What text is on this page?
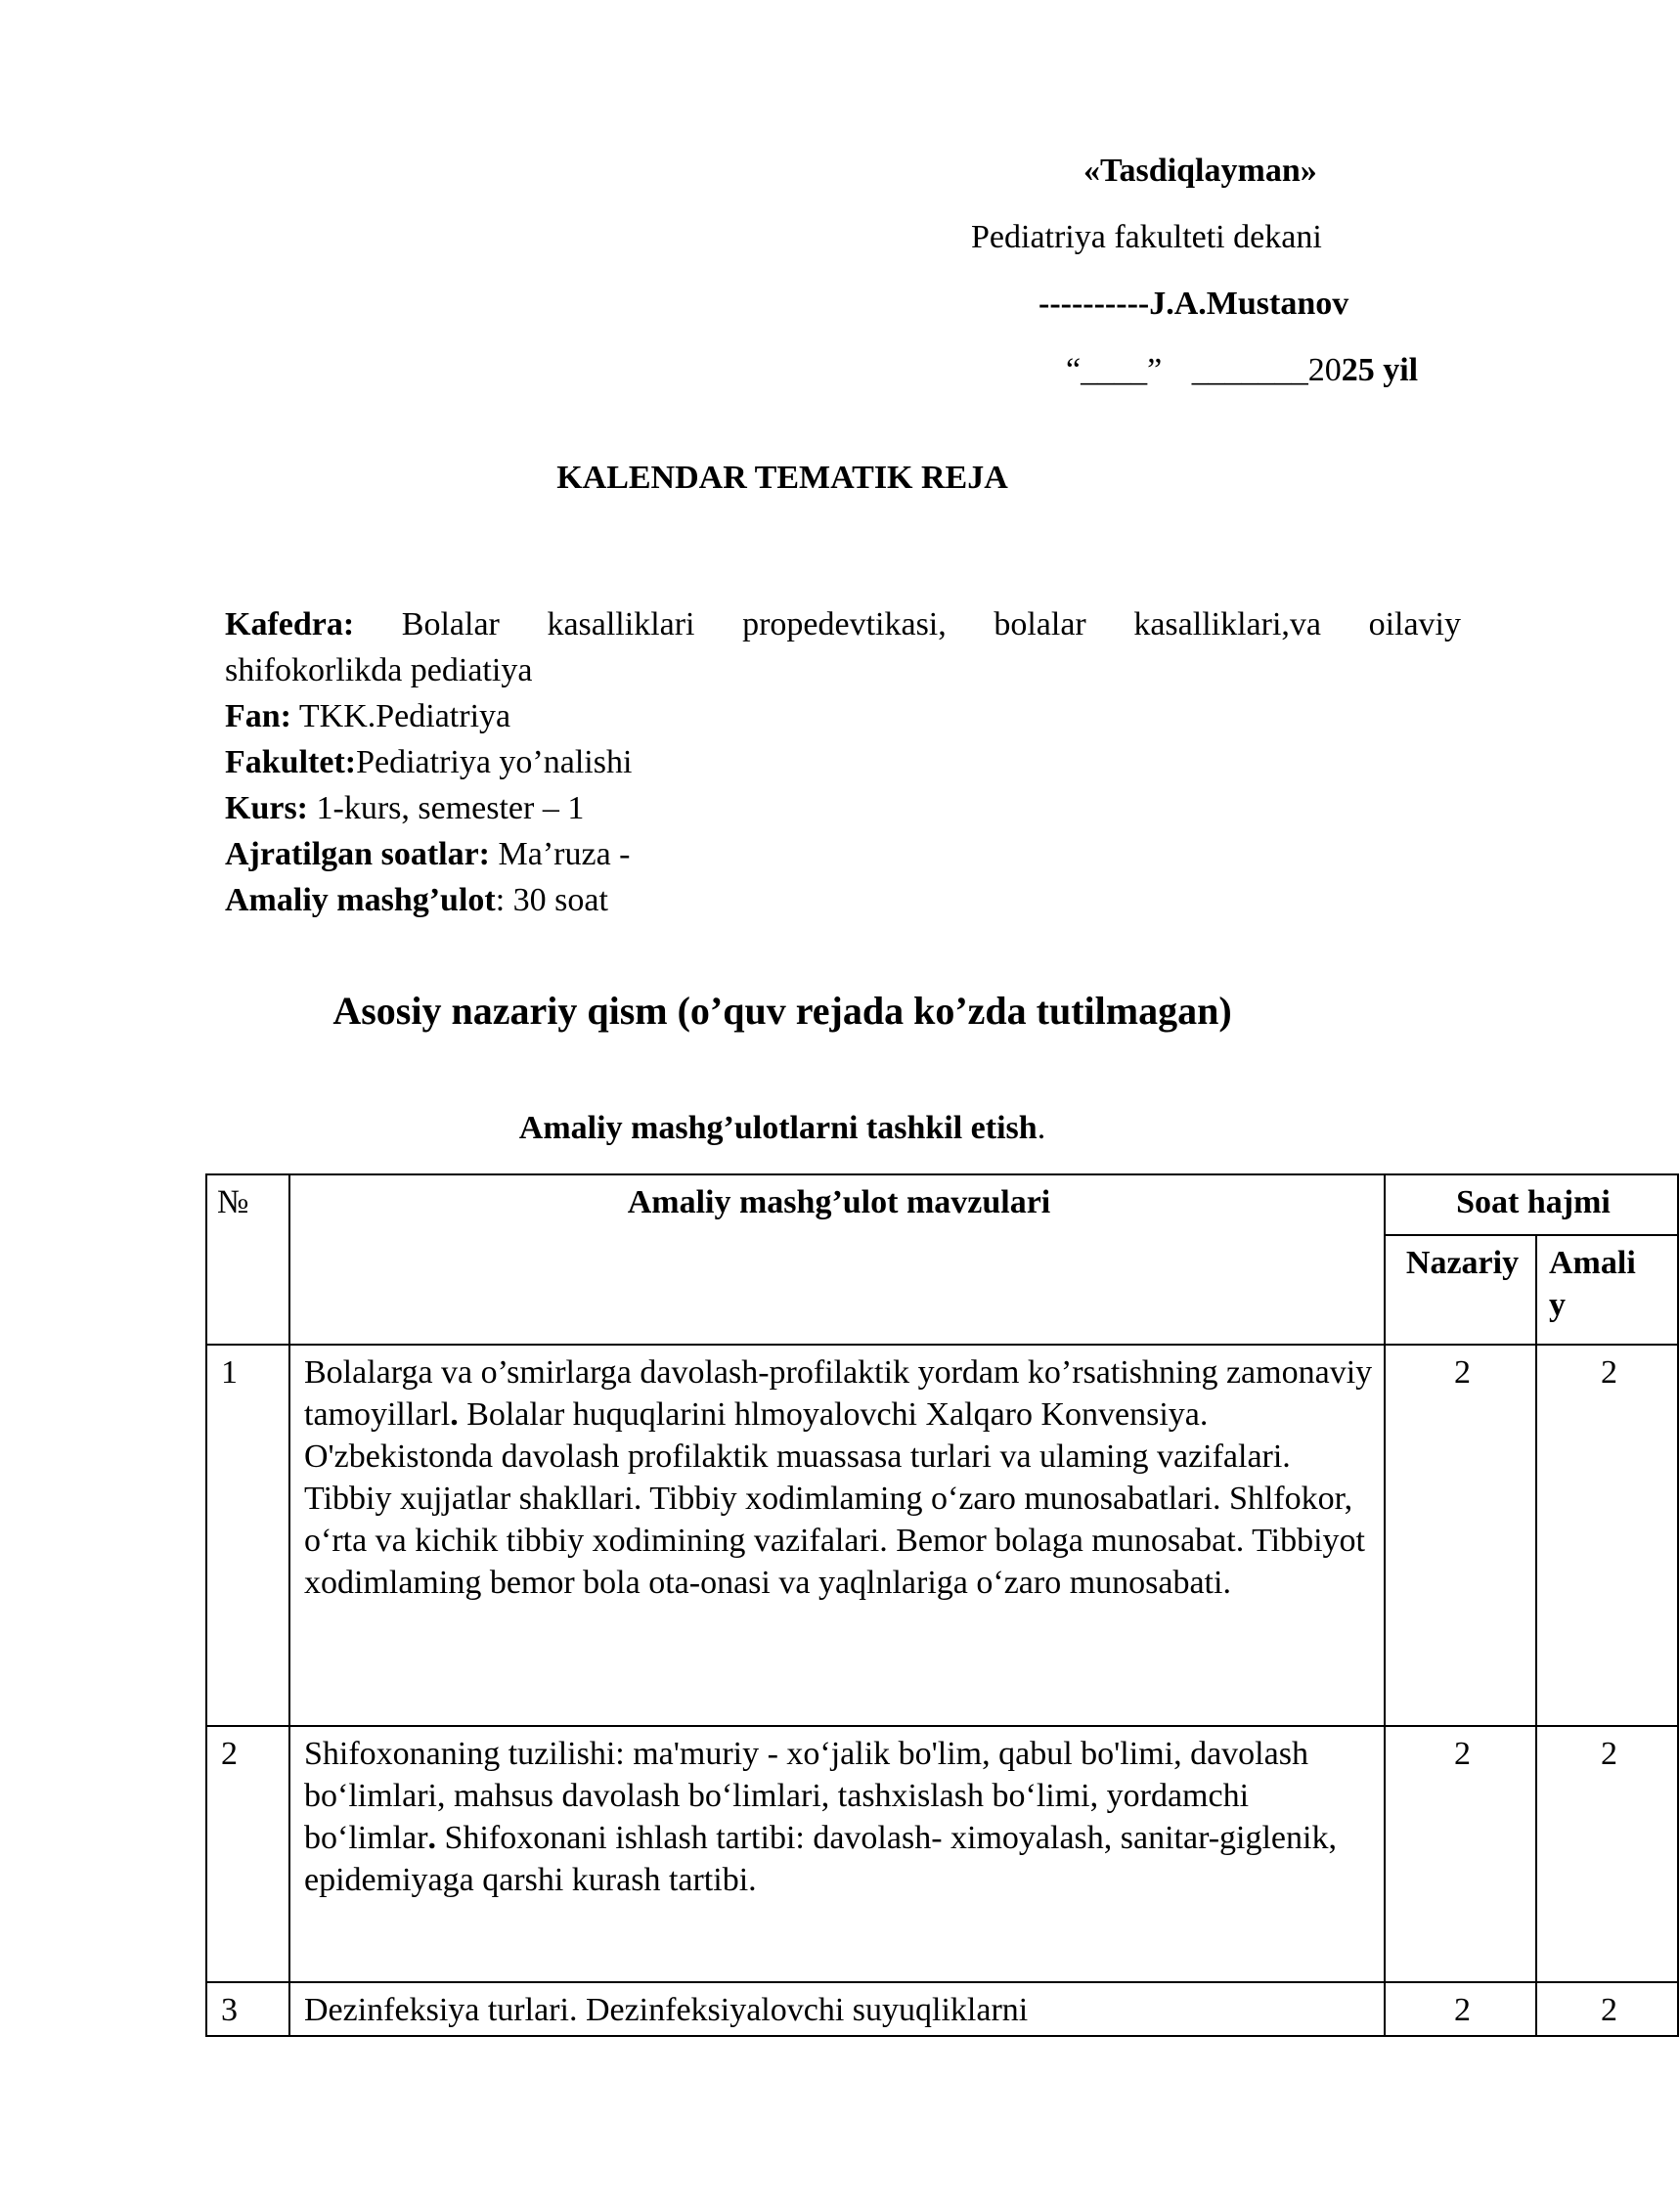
«Tasdiqlayman»
Pediatriya fakulteti dekani
----------J.A.Mustanov
“____” _______2025 yil
KALENDAR TEMATIK REJA
Kafedra: Bolalar kasalliklari propedevtikasi, bolalar kasalliklari,va oilaviy
shifokorlikda pediatiya
Fan: TKK.Pediatriya
Fakultet:Pediatriya yo’nalishi
Kurs: 1-kurs, semester – 1
Ajratilgan soatlar: Ma’ruza -
Amaliy mashg’ulot: 30 soat
Asosiy nazariy qism (o’quv rejada ko’zda tutilmagan)
Amaliy mashg’ulotlarni tashkil etish.
№	Amaliy mashg’ulot mavzulari	Soat hajmi	
		Nazariy	Amali
y
1	Bolalarga va o’smirlarga davolash-profilaktik yordam ko’rsatishning zamonaviy tamoyillarl. Bolalar huquqlarini hlmoyalovchi Xalqaro Konvensiya. O'zbekistonda davolash profilaktik muassasa turlari va ulaming vazifalari. Tibbiy xujjatlar shakllari. Tibbiy xodimlaming o‘zaro munosabatlari. Shlfokor, o‘rta va kichik tibbiy xodimining vazifalari. Bemor bolaga munosabat. Tibbiyot xodimlaming bemor bola ota-onasi va yaqlnlariga o‘zaro munosabati.	2	2
2	Shifoxonaning tuzilishi: ma'muriy - xo‘jalik bo'lim, qabul bo'limi, davolash bo‘limlari, mahsus davolash bo‘limlari, tashxislash bo‘limi, yordamchi bo‘limlar. Shifoxonani ishlash tartibi: davolash- ximoyalash, sanitar-giglenik, epidemiyaga qarshi kurash tartibi.	2	2
3	Dezinfeksiya turlari. Dezinfeksiyalovchi suyuqliklarni	2	2
